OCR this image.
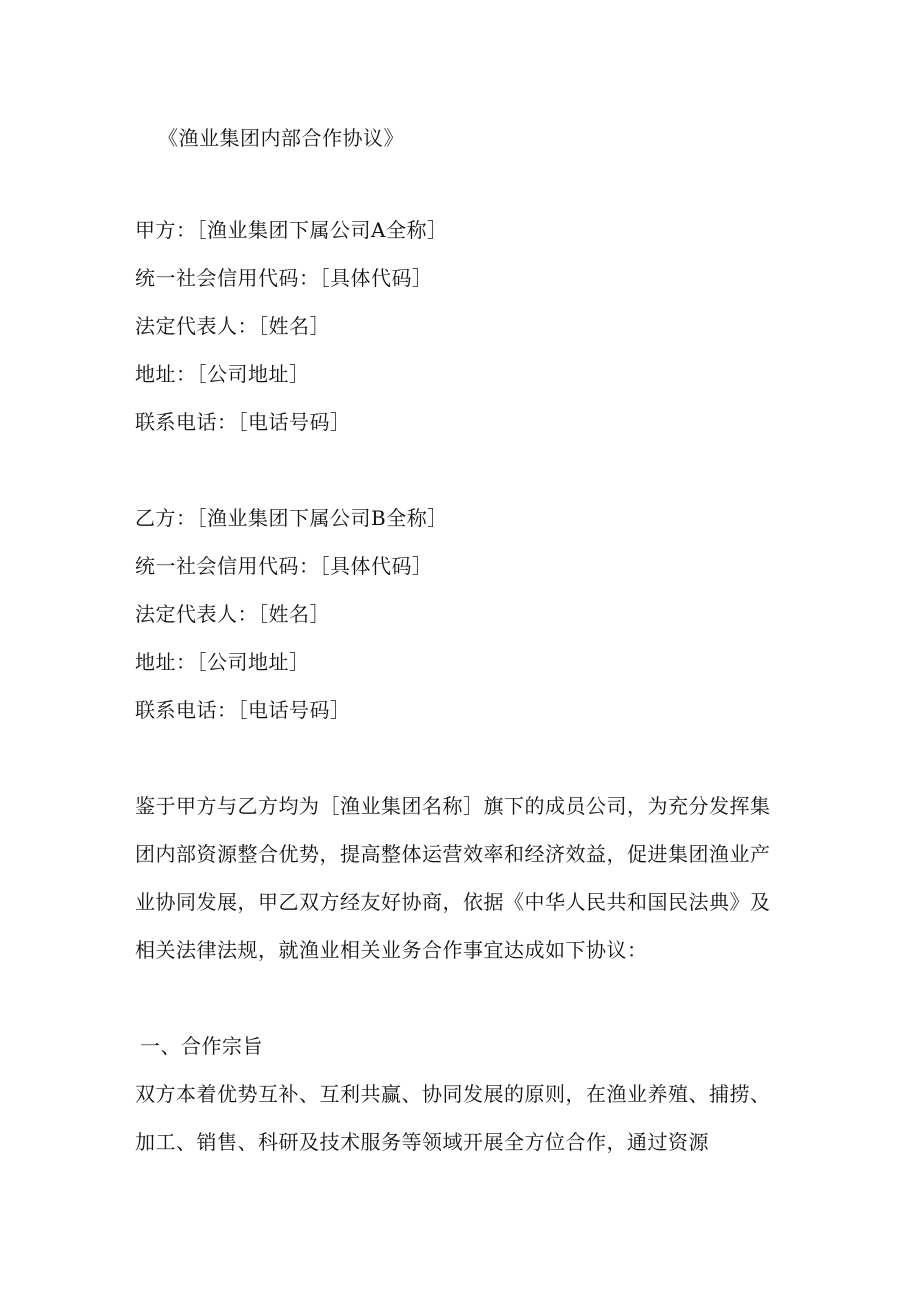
《渔业集团内部合作协议》
甲方：［渔业集团下属公司A全称］
统一社会信用代码：［具体代码］
法定代表人：［姓名］
地址：［公司地址］
联系电话：［电话号码］
乙方：［渔业集团下属公司B全称］
统一社会信用代码：［具体代码］
法定代表人：［姓名］
地址：［公司地址］
联系电话：［电话号码］
鉴于甲方与乙方均为［渔业集团名称］旗下的成员公司，为充分发挥集
团内部资源整合优势，提高整体运营效率和经济效益，促进集团渔业产
业协同发展，甲乙双方经友好协商，依据《中华人民共和国民法典》及
相关法律法规，就渔业相关业务合作事宜达成如下协议：
一、合作宗旨
双方本着优势互补、互利共赢、协同发展的原则，在渔业养殖、捕捞、
加工、销售、科研及技术服务等领域开展全方位合作，通过资源
